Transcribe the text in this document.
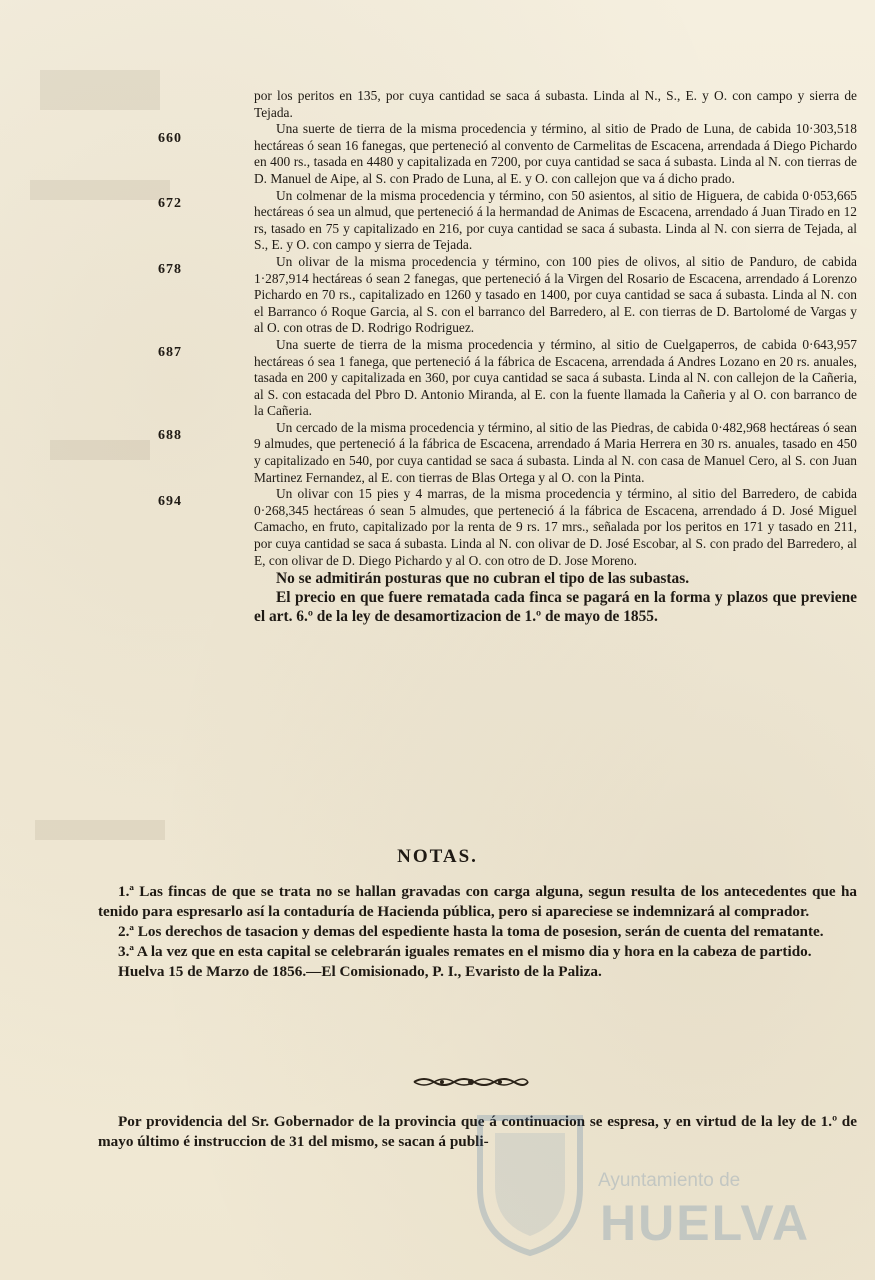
por los peritos en 135, por cuya cantidad se saca á subasta. Linda al N., S., E. y O. con campo y sierra de Tejada.

660

Una suerte de tierra de la misma procedencia y término, al sitio de Prado de Luna, de cabida 10·303,518 hectáreas ó sean 16 fanegas, que perteneció al convento de Carmelitas de Escacena, arrendada á Diego Pichardo en 400 rs., tasada en 4480 y capitalizada en 7200, por cuya cantidad se saca á subasta. Linda al N. con tierras de D. Manuel de Aipe, al S. con Prado de Luna, al E. y O. con callejon que va á dicho prado.

672

Un colmenar de la misma procedencia y término, con 50 asientos, al sitio de Higuera, de cabida 0·053,665 hectáreas ó sea un almud, que perteneció á la hermandad de Animas de Escacena, arrendado á Juan Tirado en 12 rs, tasado en 75 y capitalizado en 216, por cuya cantidad se saca á subasta. Linda al N. con sierra de Tejada, al S., E. y O. con campo y sierra de Tejada.

678

Un olivar de la misma procedencia y término, con 100 pies de olivos, al sitio de Panduro, de cabida 1·287,914 hectáreas ó sean 2 fanegas, que perteneció á la Virgen del Rosario de Escacena, arrendado á Lorenzo Pichardo en 70 rs., capitalizado en 1260 y tasado en 1400, por cuya cantidad se saca á subasta. Linda al N. con el Barranco ó Roque Garcia, al S. con el barranco del Barredero, al E. con tierras de D. Bartolomé de Vargas y al O. con otras de D. Rodrigo Rodriguez.

687

Una suerte de tierra de la misma procedencia y término, al sitio de Cuelgaperros, de cabida 0·643,957 hectáreas ó sea 1 fanega, que perteneció á la fábrica de Escacena, arrendada á Andres Lozano en 20 rs. anuales, tasada en 200 y capitalizada en 360, por cuya cantidad se saca á subasta. Linda al N. con callejon de la Cañeria, al S. con estacada del Pbro D. Antonio Miranda, al E. con la fuente llamada la Cañeria y al O. con barranco de la Cañeria.

688

Un cercado de la misma procedencia y término, al sitio de las Piedras, de cabida 0·482,968 hectáreas ó sean 9 almudes, que perteneció á la fábrica de Escacena, arrendado á Maria Herrera en 30 rs. anuales, tasado en 450 y capitalizado en 540, por cuya cantidad se saca á subasta. Linda al N. con casa de Manuel Cero, al S. con Juan Martinez Fernandez, al E. con tierras de Blas Ortega y al O. con la Pinta.

694

Un olivar con 15 pies y 4 marras, de la misma procedencia y término, al sitio del Barredero, de cabida 0·268,345 hectáreas ó sean 5 almudes, que perteneció á la fábrica de Escacena, arrendado á D. José Miguel Camacho, en fruto, capitalizado por la renta de 9 rs. 17 mrs., señalada por los peritos en 171 y tasado en 211, por cuya cantidad se saca á subasta. Linda al N. con olivar de D. José Escobar, al S. con prado del Barredero, al E, con olivar de D. Diego Pichardo y al O. con otro de D. Jose Moreno.

No se admitirán posturas que no cubran el tipo de las subastas.

El precio en que fuere rematada cada finca se pagará en la forma y plazos que previene el art. 6.º de la ley de desamortizacion de 1.º de mayo de 1855.

NOTAS.

1.ª Las fincas de que se trata no se hallan gravadas con carga alguna, segun resulta de los antecedentes que ha tenido para espresarlo así la contaduría de Hacienda pública, pero si apareciese se indemnizará al comprador.

2.ª Los derechos de tasacion y demas del espediente hasta la toma de posesion, serán de cuenta del rematante.

3.ª A la vez que en esta capital se celebrarán iguales remates en el mismo dia y hora en la cabeza de partido.

Huelva 15 de Marzo de 1856.—El Comisionado, P. I., Evaristo de la Paliza.

Por providencia del Sr. Gobernador de la provincia que á continuacion se espresa, y en virtud de la ley de 1.º de mayo último é instruccion de 31 del mismo, se sacan á publi-

Ayuntamiento de
HUELVA
